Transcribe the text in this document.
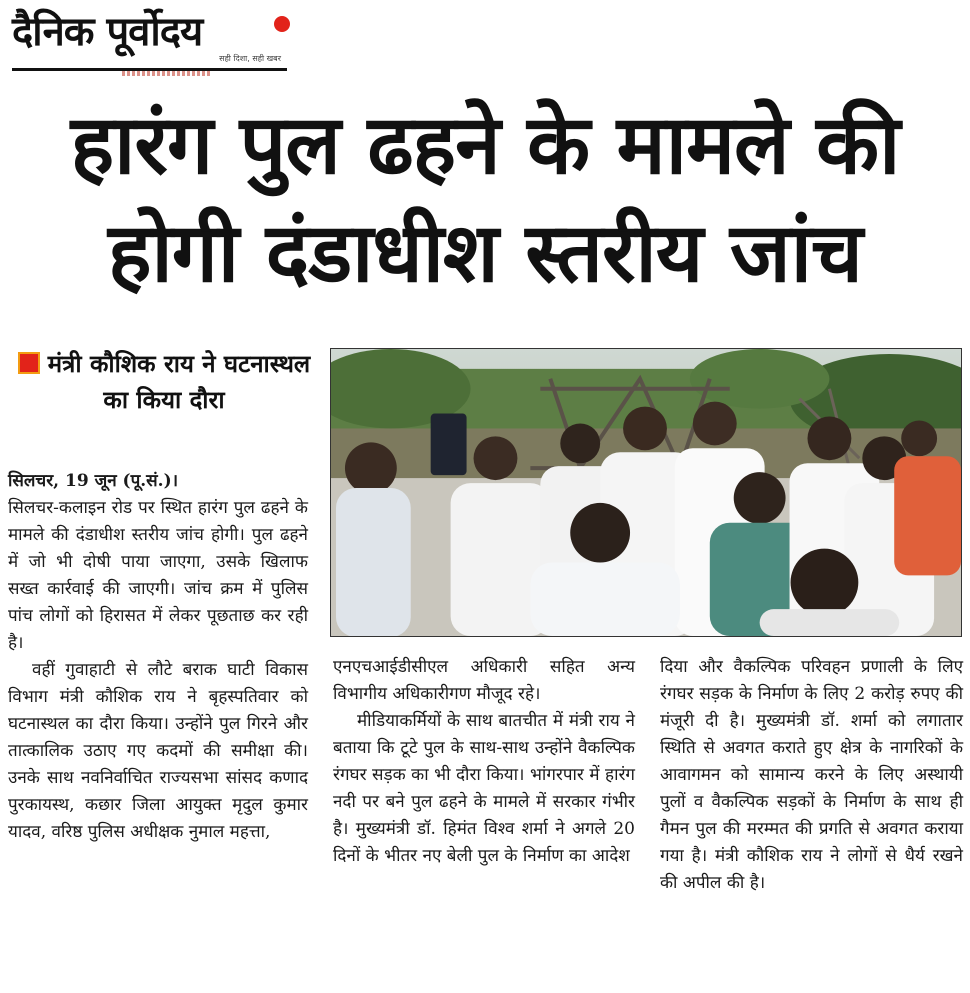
दैनिक पूर्वोदय
सही दिशा, सही खबर
हारंग पुल ढहने के मामले की होगी दंडाधीश स्तरीय जांच
मंत्री कौशिक राय ने घटनास्थल का किया दौरा

सिलचर, 19 जून (पू.सं.)।

सिलचर-कलाइन रोड पर स्थित हारंग पुल ढहने के मामले की दंडाधीश स्तरीय जांच होगी। पुल ढहने में जो भी दोषी पाया जाएगा, उसके खिलाफ सख्त कार्रवाई की जाएगी। जांच क्रम में पुलिस पांच लोगों को हिरासत में लेकर पूछताछ कर रही है।

वहीं गुवाहाटी से लौटे बराक घाटी विकास विभाग मंत्री कौशिक राय ने बृहस्पतिवार को घटनास्थल का दौरा किया। उन्होंने पुल गिरने और तात्कालिक उठाए गए कदमों की समीक्षा की। उनके साथ नवनिर्वाचित राज्यसभा सांसद कणाद पुरकायस्थ, कछार जिला आयुक्त मृदुल कुमार यादव, वरिष्ठ पुलिस अधीक्षक नुमाल महत्ता,

एनएचआईडीसीएल अधिकारी सहित अन्य विभागीय अधिकारीगण मौजूद रहे।

मीडियाकर्मियों के साथ बातचीत में मंत्री राय ने बताया कि टूटे पुल के साथ-साथ उन्होंने वैकल्पिक रंगघर सड़क का भी दौरा किया। भांगरपार में हारंग नदी पर बने पुल ढहने के मामले में सरकार गंभीर है। मुख्यमंत्री डॉ. हिमंत विश्व शर्मा ने अगले 20 दिनों के भीतर नए बेली पुल के निर्माण का आदेश

दिया और वैकल्पिक परिवहन प्रणाली के लिए रंगघर सड़क के निर्माण के लिए 2 करोड़ रुपए की मंजूरी दी है। मुख्यमंत्री डॉ. शर्मा को लगातार स्थिति से अवगत कराते हुए क्षेत्र के नागरिकों के आवागमन को सामान्य करने के लिए अस्थायी पुलों व वैकल्पिक सड़कों के निर्माण के साथ ही गैमन पुल की मरम्मत की प्रगति से अवगत कराया गया है। मंत्री कौशिक राय ने लोगों से धैर्य रखने की अपील की है।
